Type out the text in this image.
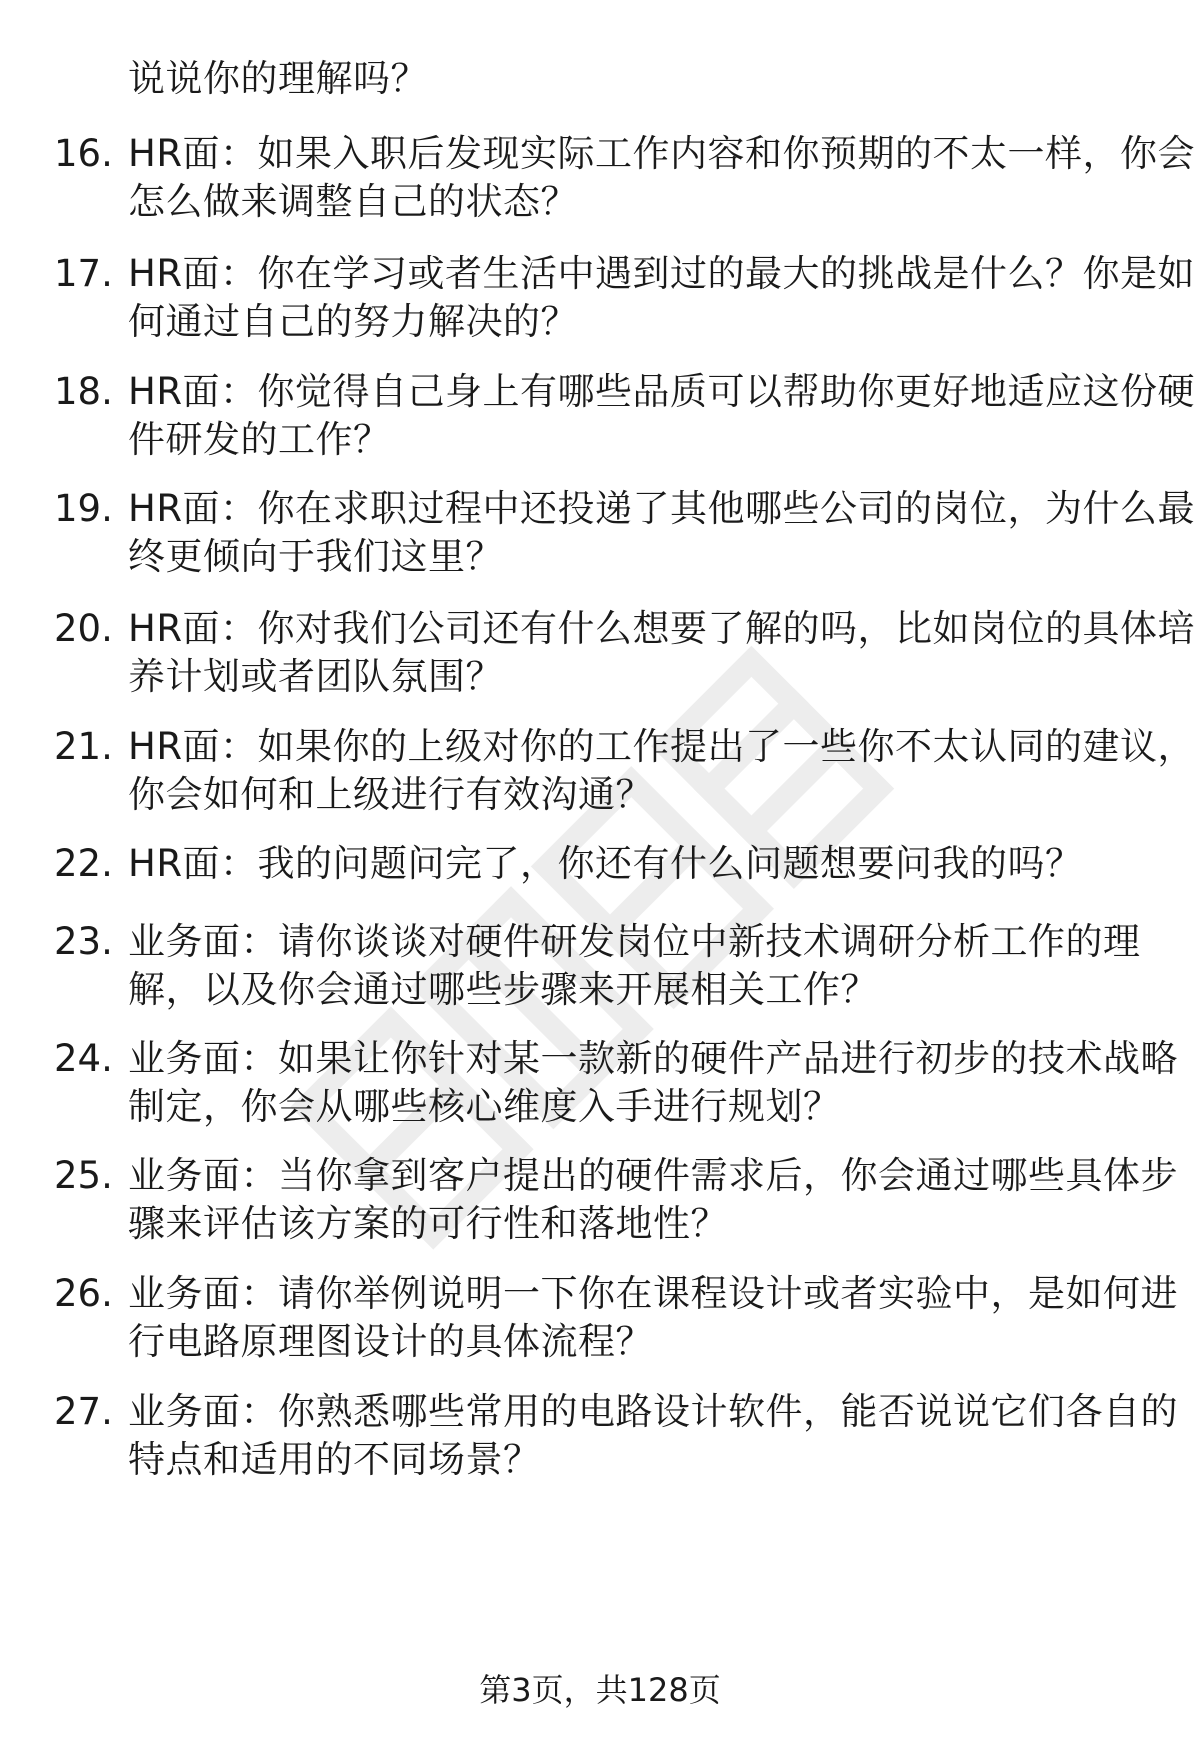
说说你的理解吗？
16. HR面：如果入职后发现实际工作内容和你预期的不太一样，你会
怎么做来调整自己的状态？
17. HR面：你在学习或者生活中遇到过的最大的挑战是什么？你是如
何通过自己的努力解决的？
18. HR面：你觉得自己身上有哪些品质可以帮助你更好地适应这份硬
件研发的工作？
19. HR面：你在求职过程中还投递了其他哪些公司的岗位，为什么最
终更倾向于我们这里？
20. HR面：你对我们公司还有什么想要了解的吗，比如岗位的具体培
养计划或者团队氛围？
21. HR面：如果你的上级对你的工作提出了一些你不太认同的建议，
你会如何和上级进行有效沟通？
22. HR面：我的问题问完了，你还有什么问题想要问我的吗？
23. 业务面：请你谈谈对硬件研发岗位中新技术调研分析工作的理
解，以及你会通过哪些步骤来开展相关工作？
24. 业务面：如果让你针对某一款新的硬件产品进行初步的技术战略
制定，你会从哪些核心维度入手进行规划？
25. 业务面：当你拿到客户提出的硬件需求后，你会通过哪些具体步
骤来评估该方案的可行性和落地性？
26. 业务面：请你举例说明一下你在课程设计或者实验中，是如何进
行电路原理图设计的具体流程？
27. 业务面：你熟悉哪些常用的电路设计软件，能否说说它们各自的
特点和适用的不同场景？
第3页，共128页
